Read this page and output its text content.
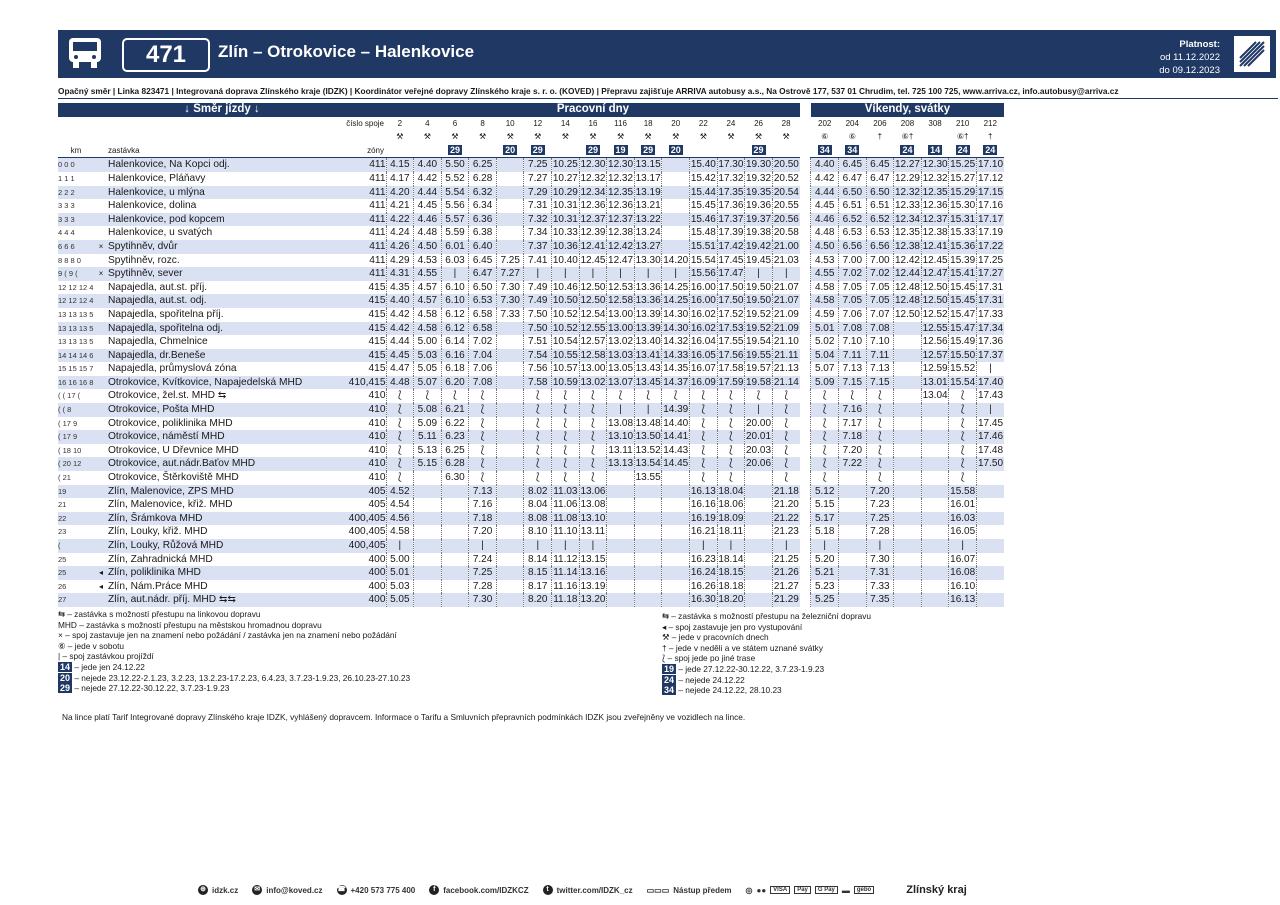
471	Zlín – Otrokovice – Halenkovice	Platnost:
od 11.12.2022
do 09.12.2023
Opačný směr | Linka 823471 | Integrovaná doprava Zlínského kraje (IDZK) | Koordinátor veřejné dopravy Zlínského kraje s. r. o. (KOVED) | Přepravu zajišťuje ARRIVA autobusy a.s., Na Ostrově 177, 537 01 Chrudim, tel. 725 100 725, www.arriva.cz, info.autobusy@arriva.cz
↓ Směr jízdy ↓				Pracovní dny																Víkendy, svátky						
			číslo spoje	2	4	6	8	10	12	14	16	116	18	20	22	24	26	28		202	204	206	208	308	210	212
				⚒	⚒	⚒	⚒	⚒	⚒	⚒	⚒	⚒	⚒	⚒	⚒	⚒	⚒	⚒		⑥	⑥	†	⑥†		⑥†	†
km		zastávka	zóny			29		20	29		29	19	29	20			29			34	34		24	14	24	24
0 0 0		Halenkovice, Na Kopci odj.	411	4.15	4.40	5.50	6.25		7.25	10.25	12.30	12.30	13.15		15.40	17.30	19.30	20.50		4.40	6.45	6.45	12.27	12.30	15.25	17.10
1 1 1		Halenkovice, Pláňavy	411	4.17	4.42	5.52	6.28		7.27	10.27	12.32	12.32	13.17		15.42	17.32	19.32	20.52		4.42	6.47	6.47	12.29	12.32	15.27	17.12
2 2 2		Halenkovice, u mlýna	411	4.20	4.44	5.54	6.32		7.29	10.29	12.34	12.35	13.19		15.44	17.35	19.35	20.54		4.44	6.50	6.50	12.32	12.35	15.29	17.15
3 3 3		Halenkovice, dolina	411	4.21	4.45	5.56	6.34		7.31	10.31	12.36	12.36	13.21		15.45	17.36	19.36	20.55		4.45	6.51	6.51	12.33	12.36	15.30	17.16
3 3 3		Halenkovice, pod kopcem	411	4.22	4.46	5.57	6.36		7.32	10.31	12.37	12.37	13.22		15.46	17.37	19.37	20.56		4.46	6.52	6.52	12.34	12.37	15.31	17.17
4 4 4		Halenkovice, u svatých	411	4.24	4.48	5.59	6.38		7.34	10.33	12.39	12.38	13.24		15.48	17.39	19.38	20.58		4.48	6.53	6.53	12.35	12.38	15.33	17.19
6 6 6	×	Spytihněv, dvůr	411	4.26	4.50	6.01	6.40		7.37	10.36	12.41	12.42	13.27		15.51	17.42	19.42	21.00		4.50	6.56	6.56	12.38	12.41	15.36	17.22
8 8 8 0		Spytihněv, rozc.	411	4.29	4.53	6.03	6.45	7.25	7.41	10.40	12.45	12.47	13.30	14.20	15.54	17.45	19.45	21.03		4.53	7.00	7.00	12.42	12.45	15.39	17.25
9 ( 9 (	×	Spytihněv, sever	411	4.31	4.55	|	6.47	7.27	|	|	|	|	|	|	15.56	17.47	|	|		4.55	7.02	7.02	12.44	12.47	15.41	17.27
12 12 12 4		Napajedla, aut.st. příj.	415	4.35	4.57	6.10	6.50	7.30	7.49	10.46	12.50	12.53	13.36	14.25	16.00	17.50	19.50	21.07		4.58	7.05	7.05	12.48	12.50	15.45	17.31
12 12 12 4		Napajedla, aut.st. odj.	415	4.40	4.57	6.10	6.53	7.30	7.49	10.50	12.50	12.58	13.36	14.25	16.00	17.50	19.50	21.07		4.58	7.05	7.05	12.48	12.50	15.45	17.31
13 13 13 5		Napajedla, spořitelna příj.	415	4.42	4.58	6.12	6.58	7.33	7.50	10.52	12.54	13.00	13.39	14.30	16.02	17.52	19.52	21.09		4.59	7.06	7.07	12.50	12.52	15.47	17.33
13 13 13 5		Napajedla, spořitelna odj.	415	4.42	4.58	6.12	6.58		7.50	10.52	12.55	13.00	13.39	14.30	16.02	17.53	19.52	21.09		5.01	7.08	7.08		12.55	15.47	17.34
13 13 13 5		Napajedla, Chmelnice	415	4.44	5.00	6.14	7.02		7.51	10.54	12.57	13.02	13.40	14.32	16.04	17.55	19.54	21.10		5.02	7.10	7.10		12.56	15.49	17.36
14 14 14 6		Napajedla, dr.Beneše	415	4.45	5.03	6.16	7.04		7.54	10.55	12.58	13.03	13.41	14.33	16.05	17.56	19.55	21.11		5.04	7.11	7.11		12.57	15.50	17.37
15 15 15 7		Napajedla, průmyslová zóna	415	4.47	5.05	6.18	7.06		7.56	10.57	13.00	13.05	13.43	14.35	16.07	17.58	19.57	21.13		5.07	7.13	7.13		12.59	15.52	|
16 16 16 8		Otrokovice, Kvítkovice, Napajedelská MHD	410,415	4.48	5.07	6.20	7.08		7.58	10.59	13.02	13.07	13.45	14.37	16.09	17.59	19.58	21.14		5.09	7.15	7.15		13.01	15.54	17.40
( ( 17 (		Otrokovice, žel.st. MHD ⇆	410	⟅	⟅	⟅	⟅		⟅	⟅	⟅	⟅	⟅	⟅	⟅	⟅	⟅	⟅		⟅	⟅	⟅		13.04	⟅	17.43
( ( 8		Otrokovice, Pošta MHD	410	⟅	5.08	6.21	⟅		⟅	⟅	⟅	|	|	14.39	⟅	⟅	|	⟅		⟅	7.16	⟅			⟅	|
( 17 9		Otrokovice, poliklinika MHD	410	⟅	5.09	6.22	⟅		⟅	⟅	⟅	13.08	13.48	14.40	⟅	⟅	20.00	⟅		⟅	7.17	⟅			⟅	17.45
( 17 9		Otrokovice, náměstí MHD	410	⟅	5.11	6.23	⟅		⟅	⟅	⟅	13.10	13.50	14.41	⟅	⟅	20.01	⟅		⟅	7.18	⟅			⟅	17.46
( 18 10		Otrokovice, U Dřevnice MHD	410	⟅	5.13	6.25	⟅		⟅	⟅	⟅	13.11	13.52	14.43	⟅	⟅	20.03	⟅		⟅	7.20	⟅			⟅	17.48
( 20 12		Otrokovice, aut.nádr.Baťov MHD	410	⟅	5.15	6.28	⟅		⟅	⟅	⟅	13.13	13.54	14.45	⟅	⟅	20.06	⟅		⟅	7.22	⟅			⟅	17.50
( 21		Otrokovice, Štěrkoviště MHD	410	⟅		6.30	⟅		⟅	⟅	⟅		13.55		⟅	⟅		⟅		⟅		⟅			⟅	
19		Zlín, Malenovice, ZPS MHD	405	4.52			7.13		8.02	11.03	13.06				16.13	18.04		21.18		5.12		7.20			15.58	
21		Zlín, Malenovice, křiž. MHD	405	4.54			7.16		8.04	11.06	13.08				16.16	18.06		21.20		5.15		7.23			16.01	
22		Zlín, Šrámkova MHD	400,405	4.56			7.18		8.08	11.08	13.10				16.19	18.09		21.22		5.17		7.25			16.03	
23		Zlín, Louky, křiž. MHD	400,405	4.58			7.20		8.10	11.10	13.11				16.21	18.11		21.23		5.18		7.28			16.05	
(		Zlín, Louky, Růžová MHD	400,405	|			|		|	|	|				|	|		|		|		|			|	
25		Zlín, Zahradnická MHD	400	5.00			7.24		8.14	11.12	13.15				16.23	18.14		21.25		5.20		7.30			16.07	
25	◂	Zlín, poliklinika MHD	400	5.01			7.25		8.15	11.14	13.16				16.24	18.15		21.26		5.21		7.31			16.08	
26	◂	Zlín, Nám.Práce MHD	400	5.03			7.28		8.17	11.16	13.19				16.26	18.18		21.27		5.23		7.33			16.10	
27		Zlín, aut.nádr. příj. MHD ⇆⇆	400	5.05			7.30		8.20	11.18	13.20				16.30	18.20		21.29		5.25		7.35			16.13	
⇆ – zastávka s možností přestupu na linkovou dopravu
MHD – zastávka s možností přestupu na městskou hromadnou dopravu
× – spoj zastavuje jen na znamení nebo požádání / zastávka jen na znamení nebo požádání
⑥ – jede v sobotu
| – spoj zastávkou projíždí
14 – jede jen 24.12.22
20 – nejede 23.12.22-2.1.23, 3.2.23, 13.2.23-17.2.23, 6.4.23, 3.7.23-1.9.23, 26.10.23-27.10.23
29 – nejede 27.12.22-30.12.22, 3.7.23-1.9.23
⇆ – zastávka s možností přestupu na železniční dopravu
◂ – spoj zastavuje jen pro vystupování
⚒ – jede v pracovních dnech
† – jede v neděli a ve státem uznané svátky
⟅ – spoj jede po jiné trase
19 – jede 27.12.22-30.12.22, 3.7.23-1.9.23
24 – nejede 24.12.22
34 – nejede 24.12.22, 28.10.23
Na lince platí Tarif Integrované dopravy Zlínského kraje IDZK, vyhlášený dopravcem. Informace o Tarifu a Smluvních přepravních podmínkách IDZK jsou zveřejněny ve vozidlech na lince.
⊕ idzk.cz ✉ info@koved.cz ☎ +420 573 775 400	f facebook.com/IDZKCZ	t twitter.com/IDZK_cz ▭▭▭ Nástup předem ◎ ●●	VISA	Pay	G Pay ▬	gebo	Zlínský kraj
